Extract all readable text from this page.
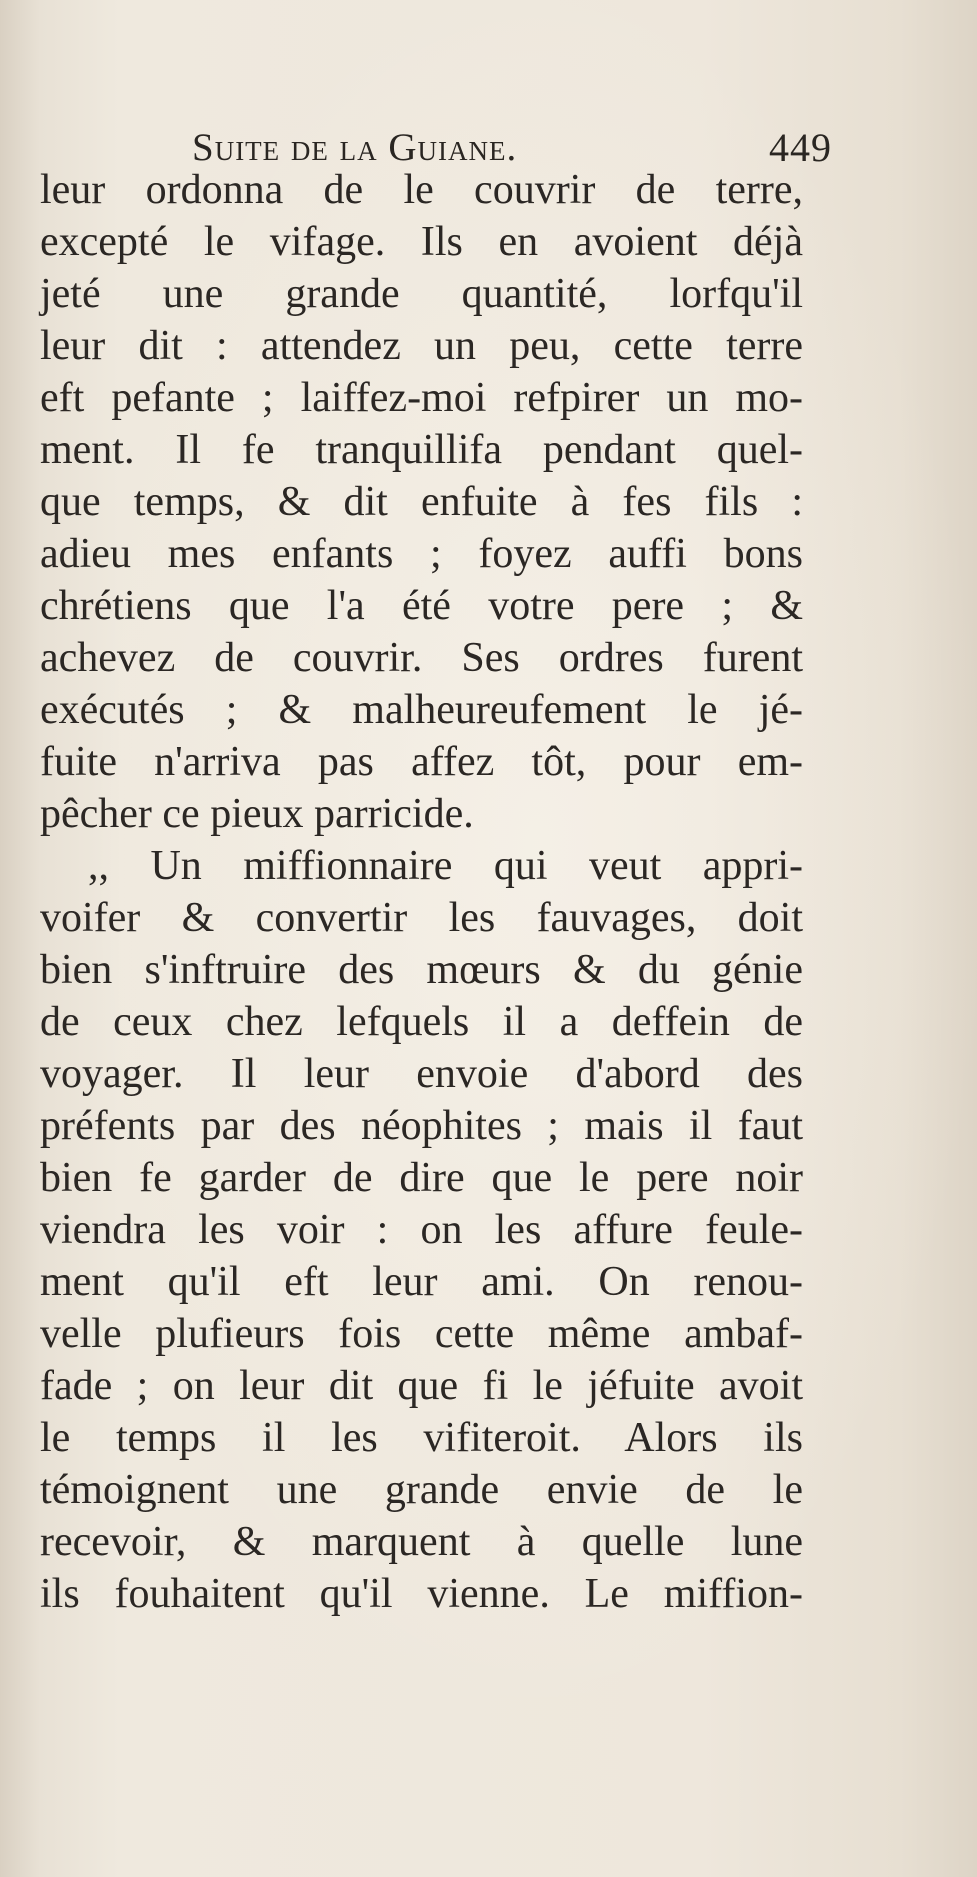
Suite de la Guiane.	449
leur ordonna de le couvrir de terre,
excepté le vifage. Ils en avoient déjà
jeté une grande quantité, lorfqu'il
leur dit : attendez un peu, cette terre
eft pefante ; laiffez-moi refpirer un mo-
ment. Il fe tranquillifa pendant quel-
que temps, & dit enfuite à fes fils :
adieu mes enfants ; foyez auffi bons
chrétiens que l'a été votre pere ; &
achevez de couvrir. Ses ordres furent
exécutés ; & malheureufement le jé-
fuite n'arriva pas affez tôt, pour em-
pêcher ce pieux parricide.
,, Un miffionnaire qui veut appri-
voifer & convertir les fauvages, doit
bien s'inftruire des mœurs & du génie
de ceux chez lefquels il a deffein de
voyager. Il leur envoie d'abord des
préfents par des néophites ; mais il faut
bien fe garder de dire que le pere noir
viendra les voir : on les affure feule-
ment qu'il eft leur ami. On renou-
velle plufieurs fois cette même ambaf-
fade ; on leur dit que fi le jéfuite avoit
le temps il les vifiteroit. Alors ils
témoignent une grande envie de le
recevoir, & marquent à quelle lune
ils fouhaitent qu'il vienne. Le miffion-
